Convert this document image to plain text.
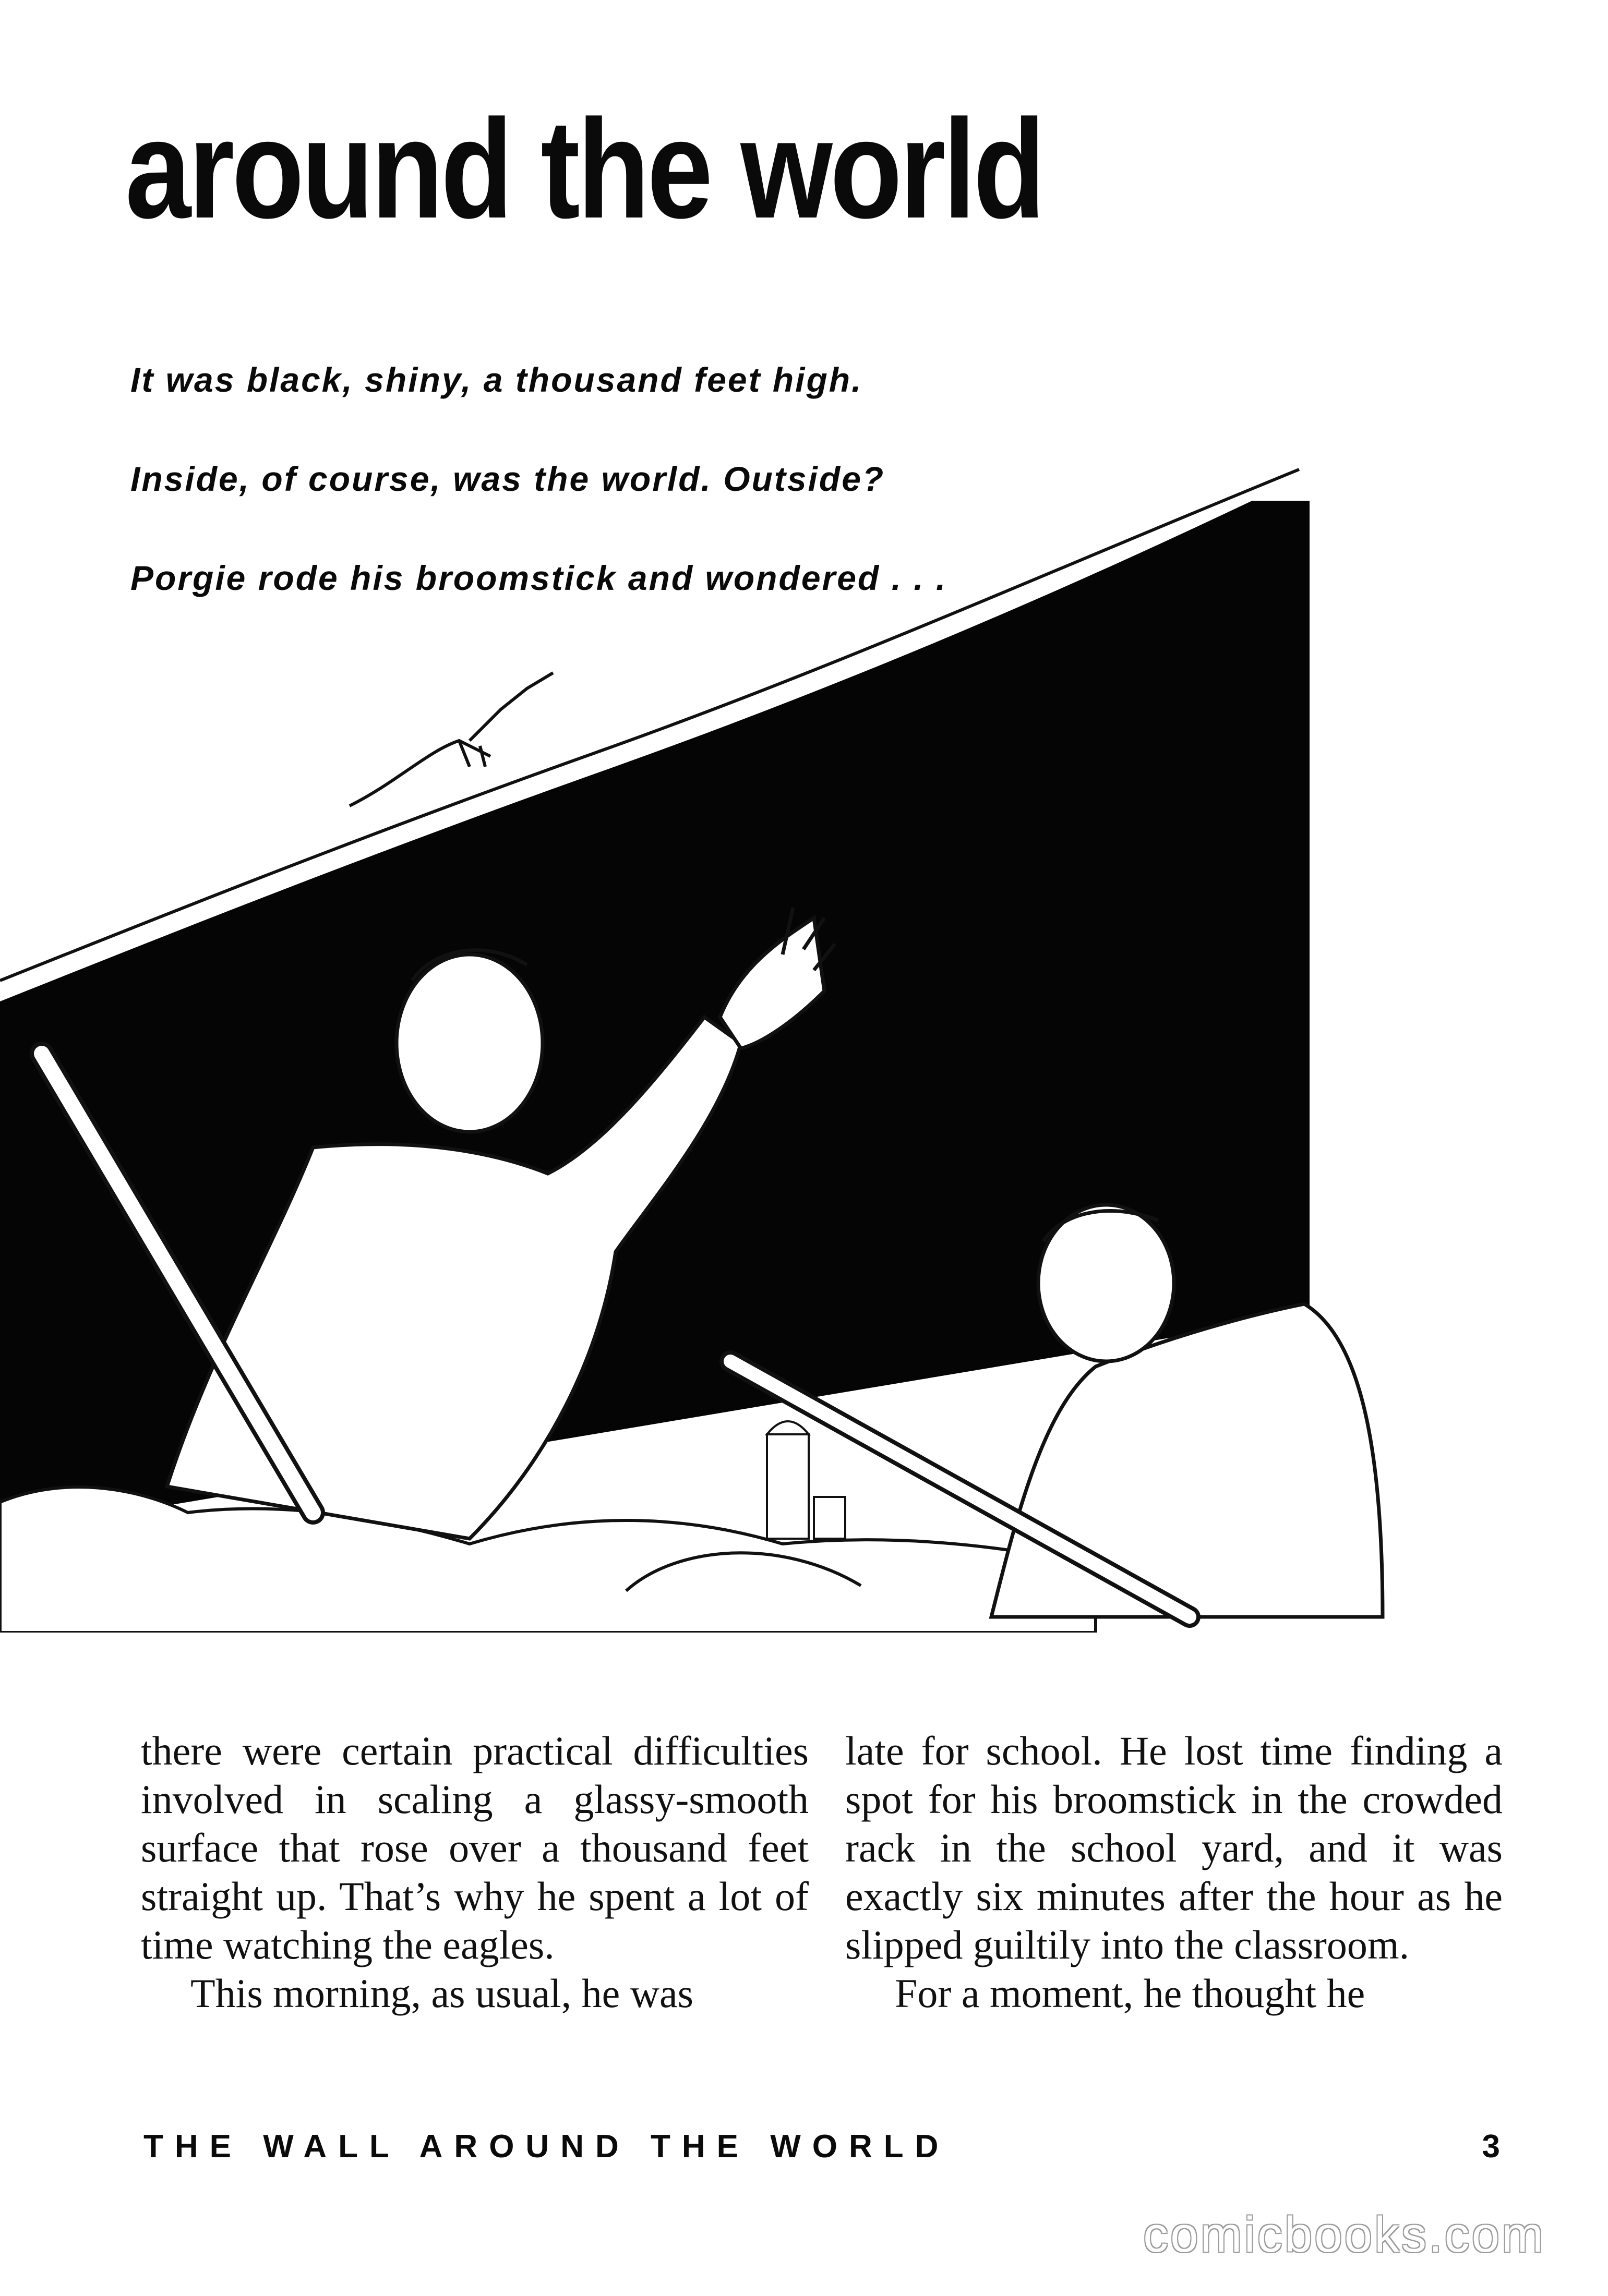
around the world
It was black, shiny, a thousand feet high.
Inside, of course, was the world. Outside?
Porgie rode his broomstick and wondered . . .

there were certain practical difficulties involved in scaling a glassy-smooth surface that rose over a thousand feet straight up. That’s why he spent a lot of time watching the eagles.

This morning, as usual, he was

late for school. He lost time finding a spot for his broomstick in the crowded rack in the school yard, and it was exactly six minutes after the hour as he slipped guiltily into the classroom.

For a moment, he thought he

THE WALL AROUND THE WORLD	3
comicbooks.com
